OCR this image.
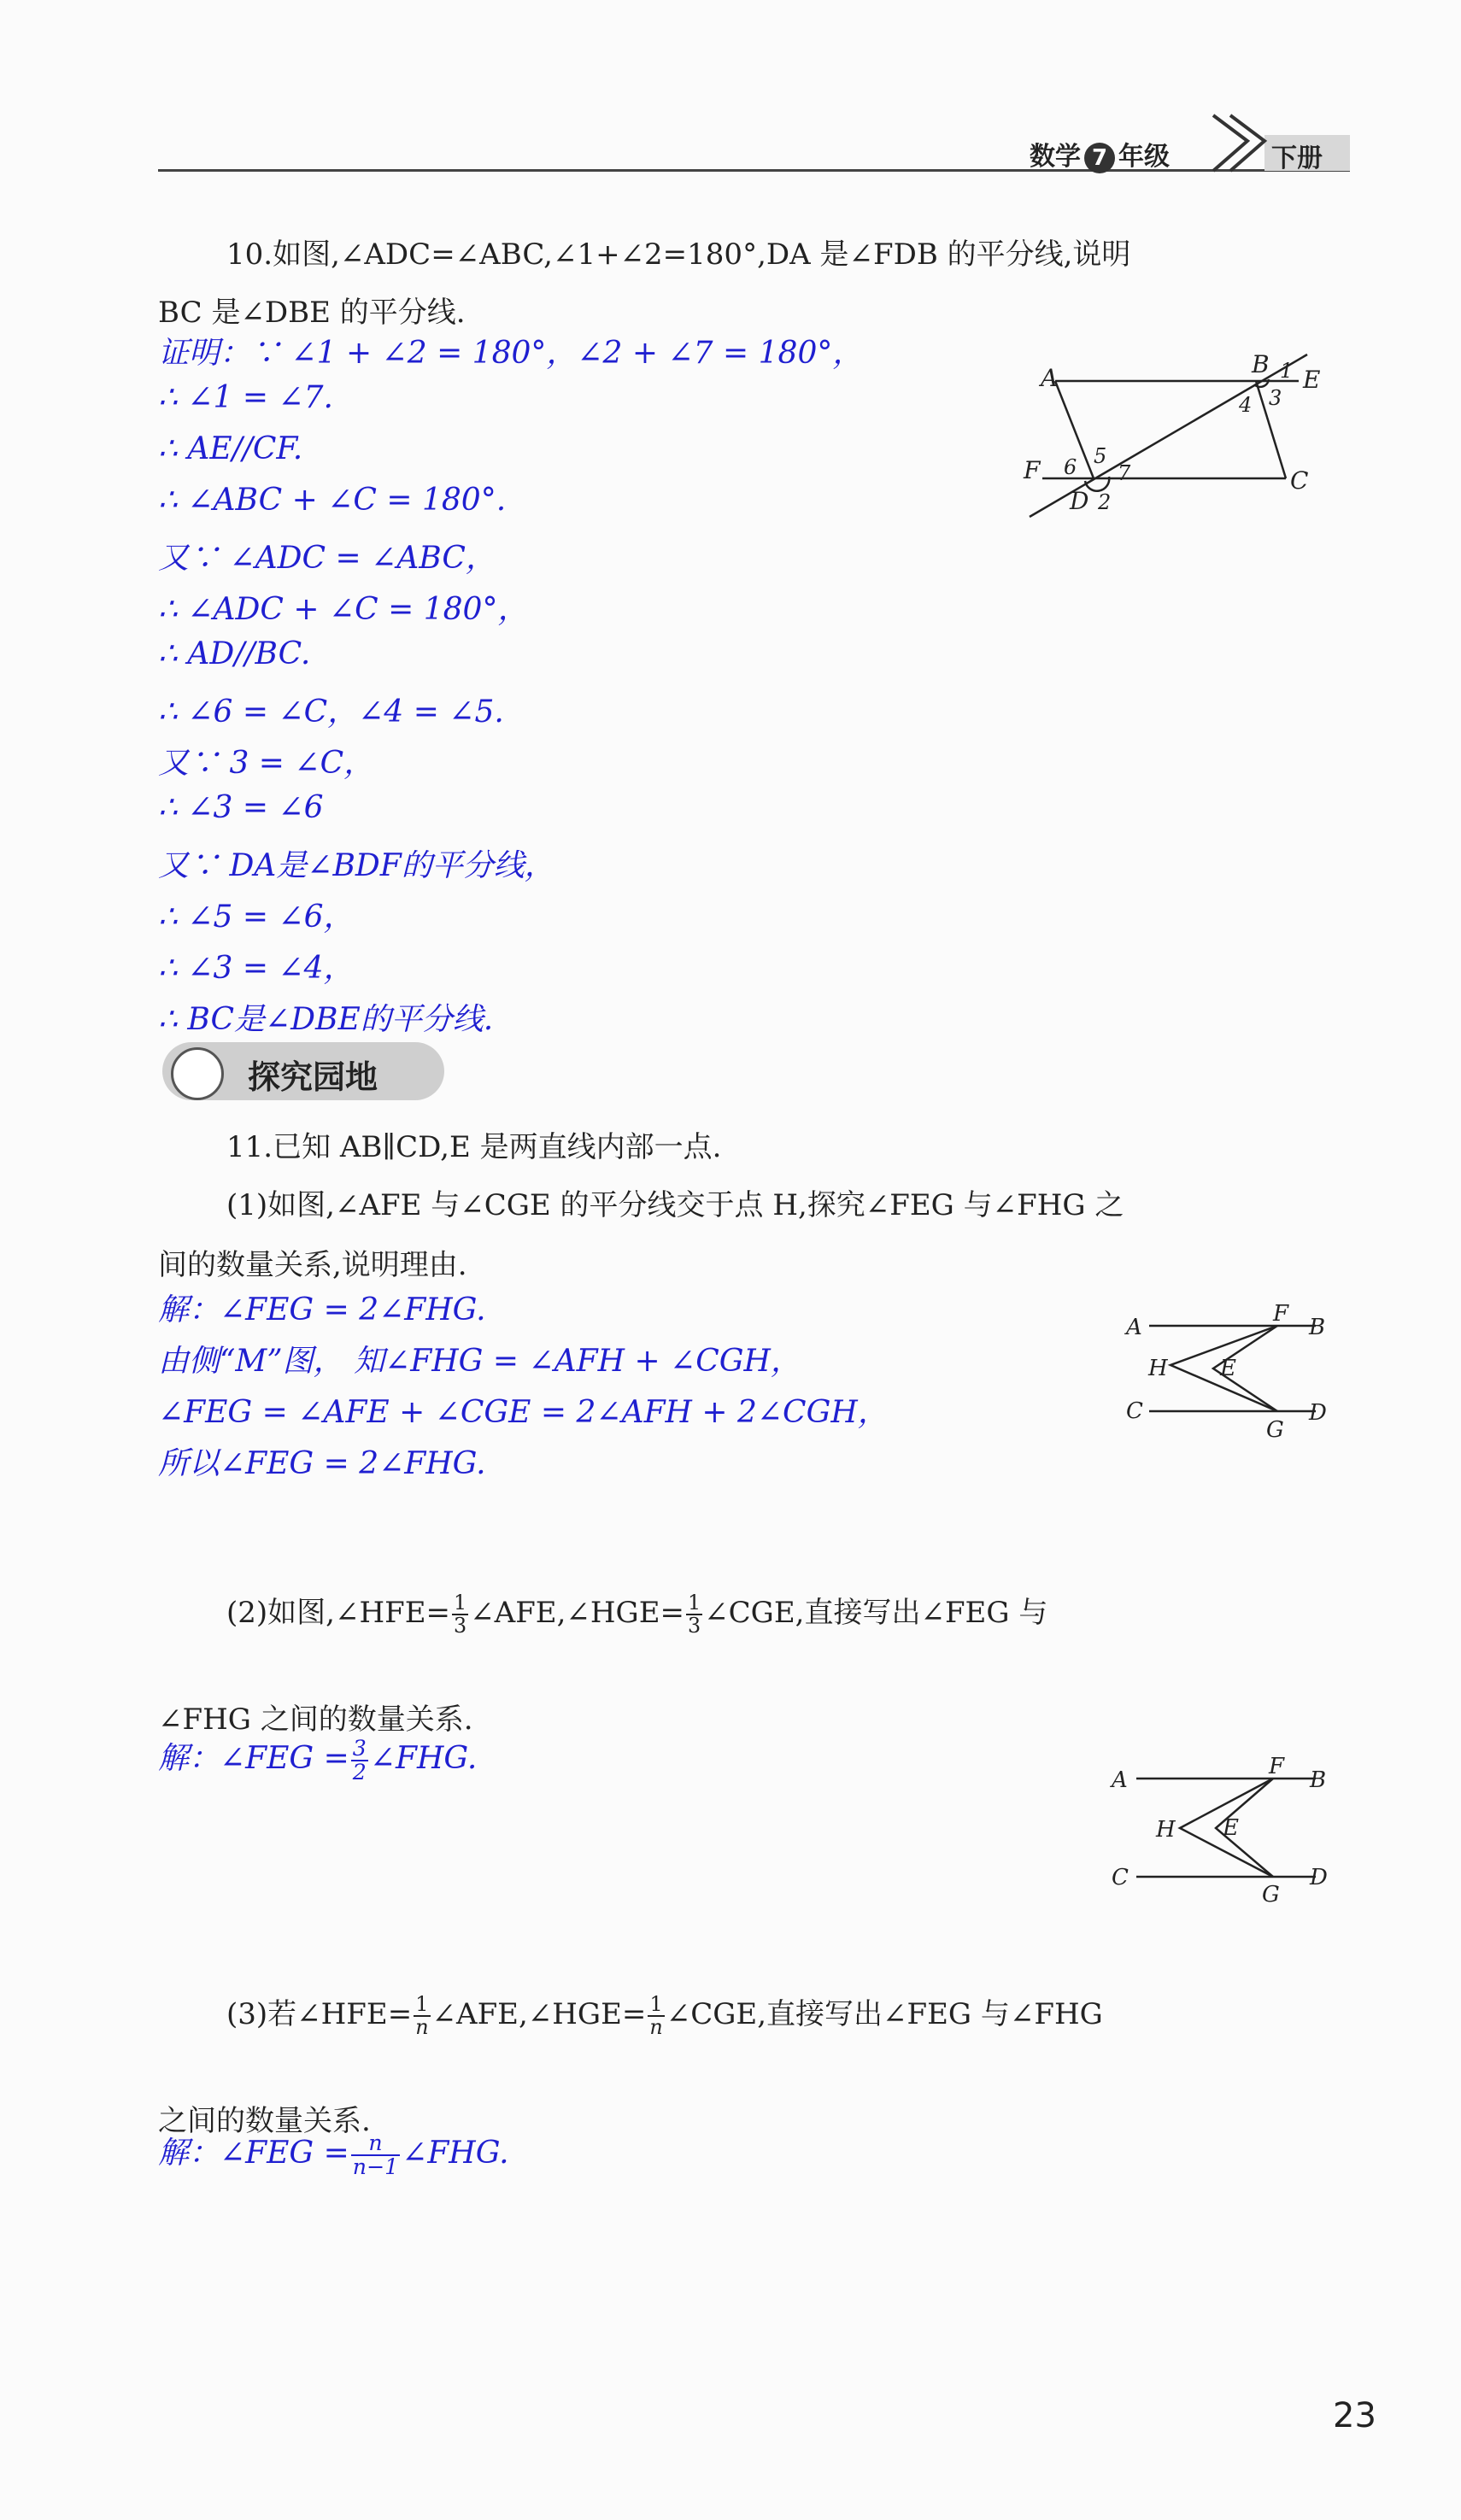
数学 7 年级	下册
10.如图,∠ADC=∠ABC,∠1+∠2=180°,DA 是∠FDB 的平分线,说明
BC 是∠DBE 的平分线.
证明：∵ ∠1 + ∠2 = 180°，∠2 + ∠7 = 180°，
∴ ∠1 = ∠7.
∴ AE//CF.
∴ ∠ABC + ∠C = 180°.
又∵ ∠ADC = ∠ABC，
∴ ∠ADC + ∠C = 180°，
∴ AD//BC.
∴ ∠6 = ∠C，∠4 = ∠5.
又∵ 3 = ∠C，
∴ ∠3 = ∠6
又∵ DA是∠BDF的平分线，
∴ ∠5 = ∠6，
∴ ∠3 = ∠4，
∴ BC是∠DBE的平分线.
A	B
E
F
D
C
1
3
4
5
6 7
2
探究园地
11.已知 AB∥CD,E 是两直线内部一点.
(1)如图,∠AFE 与∠CGE 的平分线交于点 H,探究∠FEG 与∠FHG 之
间的数量关系,说明理由.
解：∠FEG = 2∠FHG.
由侧“M”图， 知∠FHG = ∠AFH + ∠CGH，
∠FEG = ∠AFE + ∠CGE = 2∠AFH + 2∠CGH，
所以∠FEG = 2∠FHG.
A
F
B
H E
C	D
G
(2)如图,∠HFE= $\frac{1}{3}$ ∠AFE,∠HGE= $\frac{1}{3}$ ∠CGE,直接写出∠FEG 与
∠FHG 之间的数量关系.
解：∠FEG = $\frac{3}{2}$ ∠FHG.
A
F
B
H E
C	D
G
(3)若∠HFE= $\frac{1}{n}$ ∠AFE,∠HGE= $\frac{1}{n}$ ∠CGE,直接写出∠FEG 与∠FHG
之间的数量关系.
解：∠FEG = $\frac{n}{n-1}$ ∠FHG.
23
